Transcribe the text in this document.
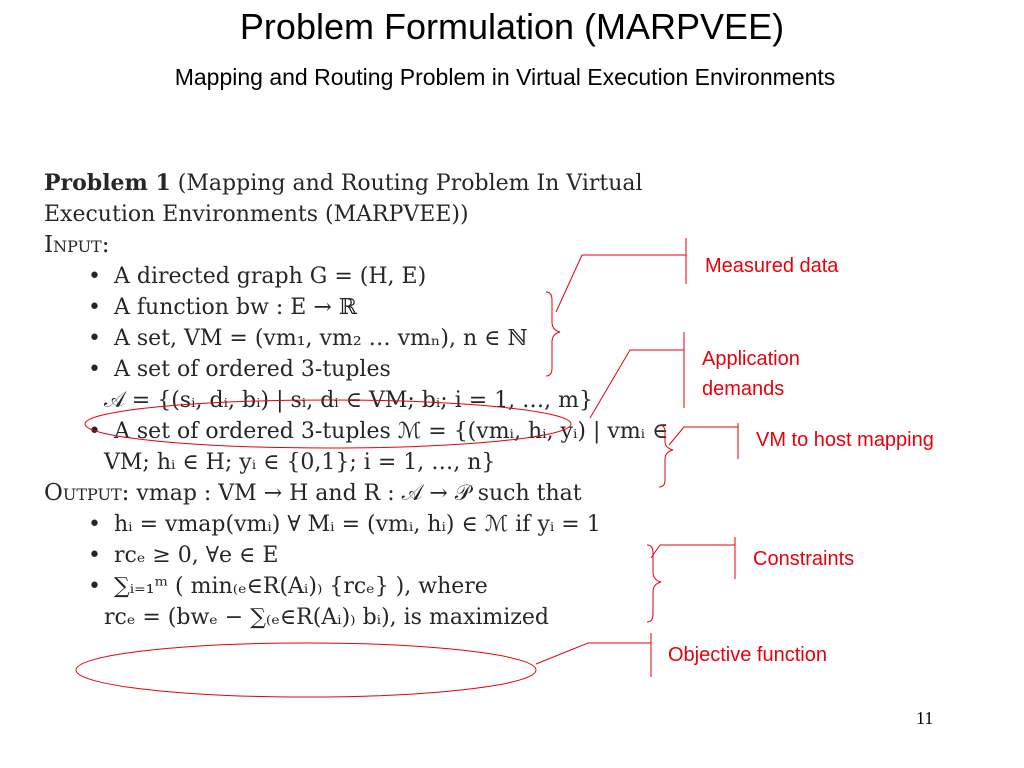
Problem Formulation (MARPVEE)
Mapping and Routing Problem in Virtual Execution Environments

Problem 1 (Mapping and Routing Problem In Virtual

Execution Environments (MARPVEE))

Input:

• A directed graph G = (H, E)

• A function bw : E → ℝ

• A set, VM = (vm₁, vm₂ … vmₙ), n ∈ ℕ

• A set of ordered 3-tuples

𝒜 = {(sᵢ, dᵢ, bᵢ) | sᵢ, dᵢ ∈ VM; bᵢ; i = 1, …, m}

• A set of ordered 3-tuples ℳ = {(vmᵢ, hᵢ, yᵢ) | vmᵢ ∈

VM; hᵢ ∈ H; yᵢ ∈ {0,1}; i = 1, …, n}

Output: vmap : VM → H and R : 𝒜 → 𝒫 such that

• hᵢ = vmap(vmᵢ) ∀ Mᵢ = (vmᵢ, hᵢ) ∈ ℳ if yᵢ = 1

• rcₑ ≥ 0, ∀e ∈ E

• ∑ᵢ₌₁ᵐ ( min₍ₑ∈R(Aᵢ)₎ {rcₑ} ), where

rcₑ = (bwₑ − ∑₍ₑ∈R(Aᵢ)₎ bᵢ), is maximized

Measured data

Application

demands

VM to host mapping

Constraints

Objective function

11
